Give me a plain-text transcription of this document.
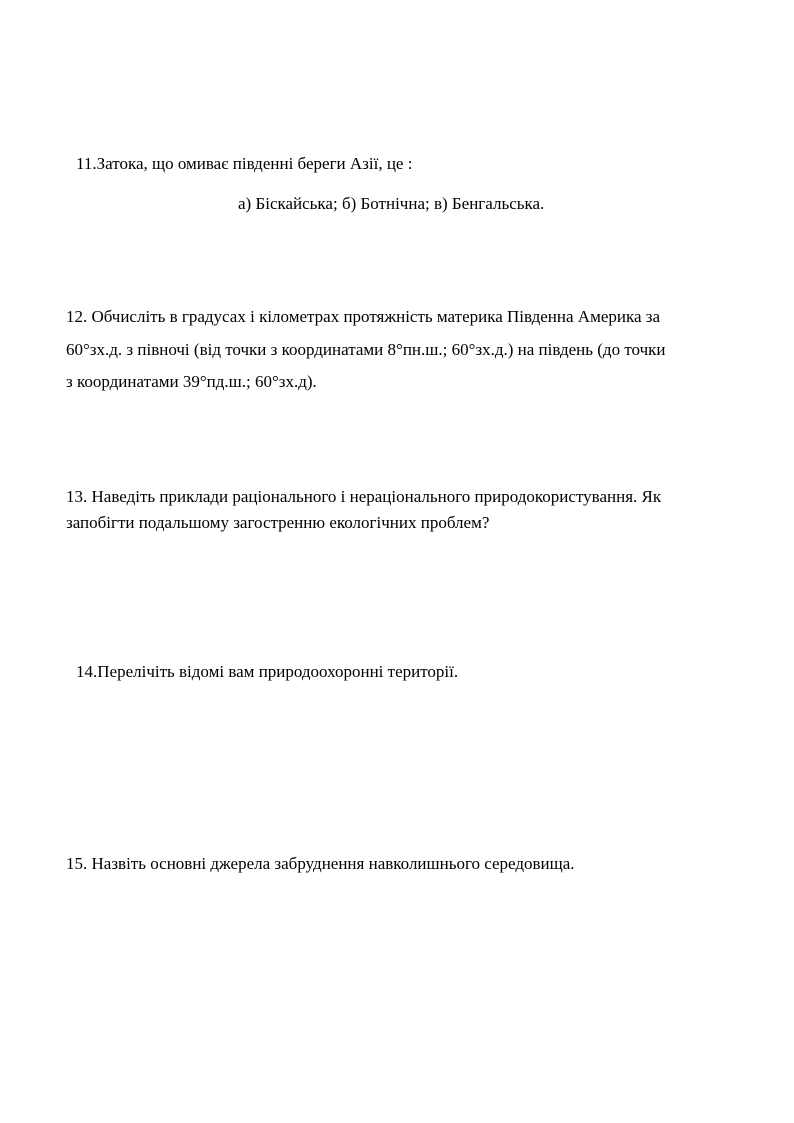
11.Затока, що омиває південні береги Азії, це :

а) Біскайська; б) Ботнічна; в) Бенгальська.

12. Обчисліть в градусах і кілометрах протяжність материка Південна Америка за

60°зх.д. з півночі (від точки з координатами 8°пн.ш.; 60°зх.д.) на південь (до точки

з координатами 39°пд.ш.; 60°зх.д).

13. Наведіть приклади раціонального і нераціонального природокористування. Як

запобігти подальшому загостренню екологічних проблем?

14.Перелічіть відомі вам природоохоронні території.

15. Назвіть основні джерела забруднення навколишнього середовища.
